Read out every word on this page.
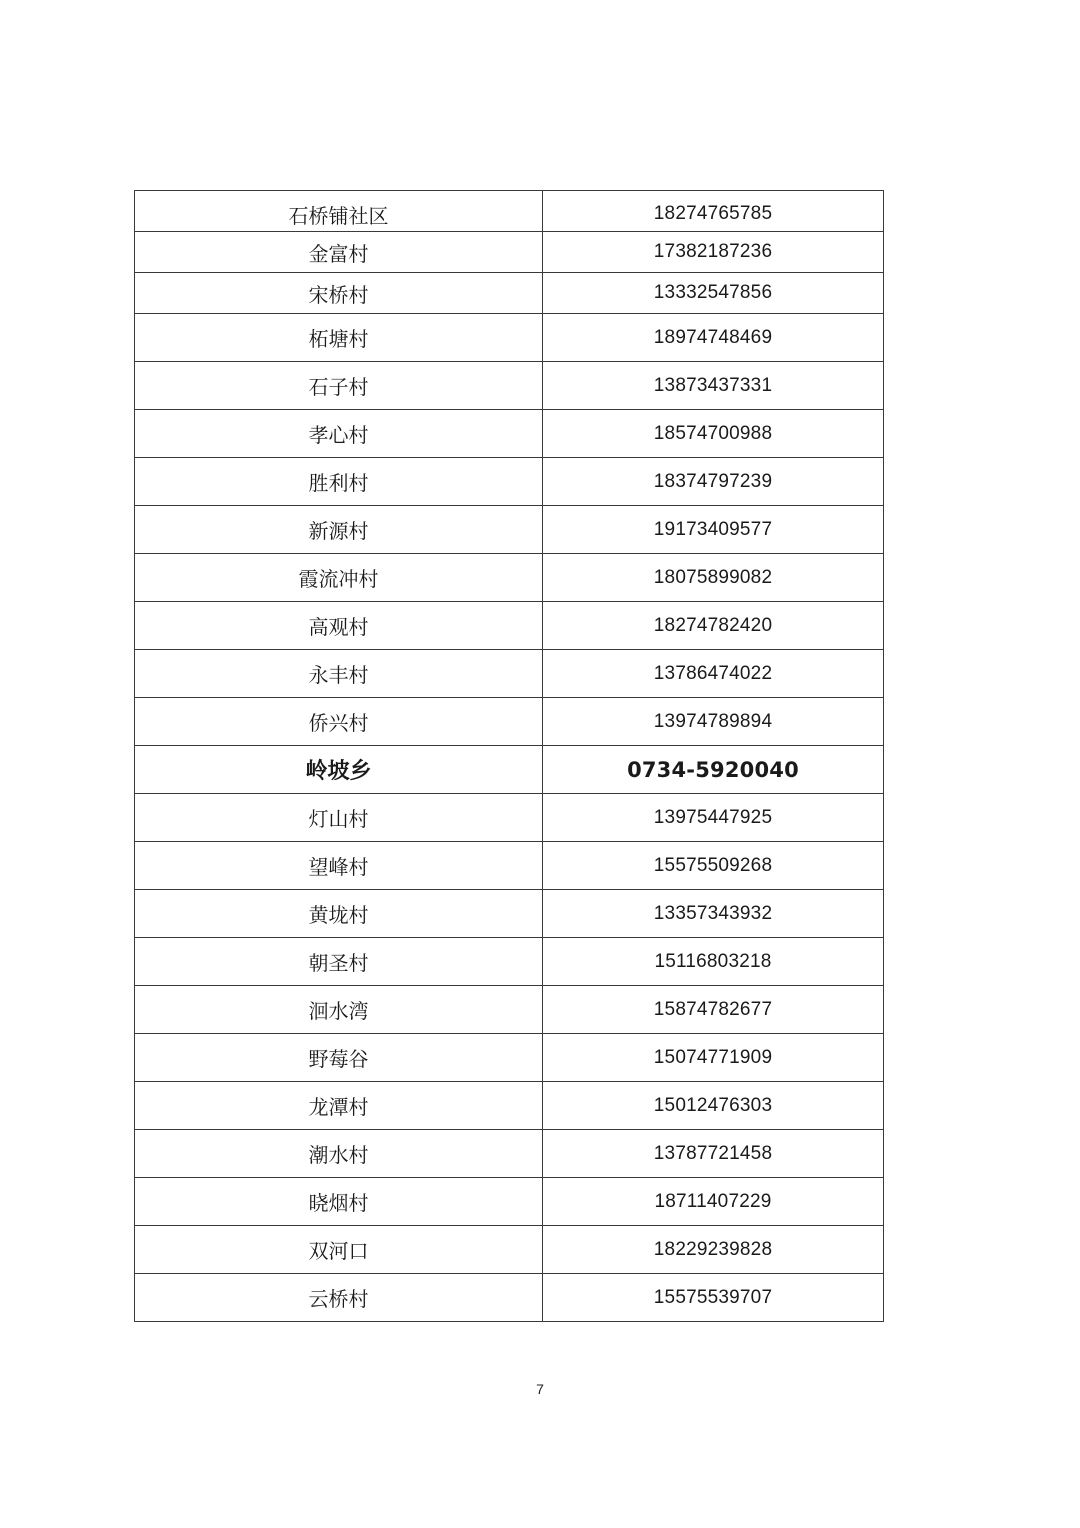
石桥铺社区	18274765785
金富村	17382187236
宋桥村	13332547856
柘塘村	18974748469
石子村	13873437331
孝心村	18574700988
胜利村	18374797239
新源村	19173409577
霞流冲村	18075899082
高观村	18274782420
永丰村	13786474022
侨兴村	13974789894
岭坡乡	0734-5920040
灯山村	13975447925
望峰村	15575509268
黄垅村	13357343932
朝圣村	15116803218
洄水湾	15874782677
野莓谷	15074771909
龙潭村	15012476303
潮水村	13787721458
晓烟村	18711407229
双河口	18229239828
云桥村	15575539707
7
